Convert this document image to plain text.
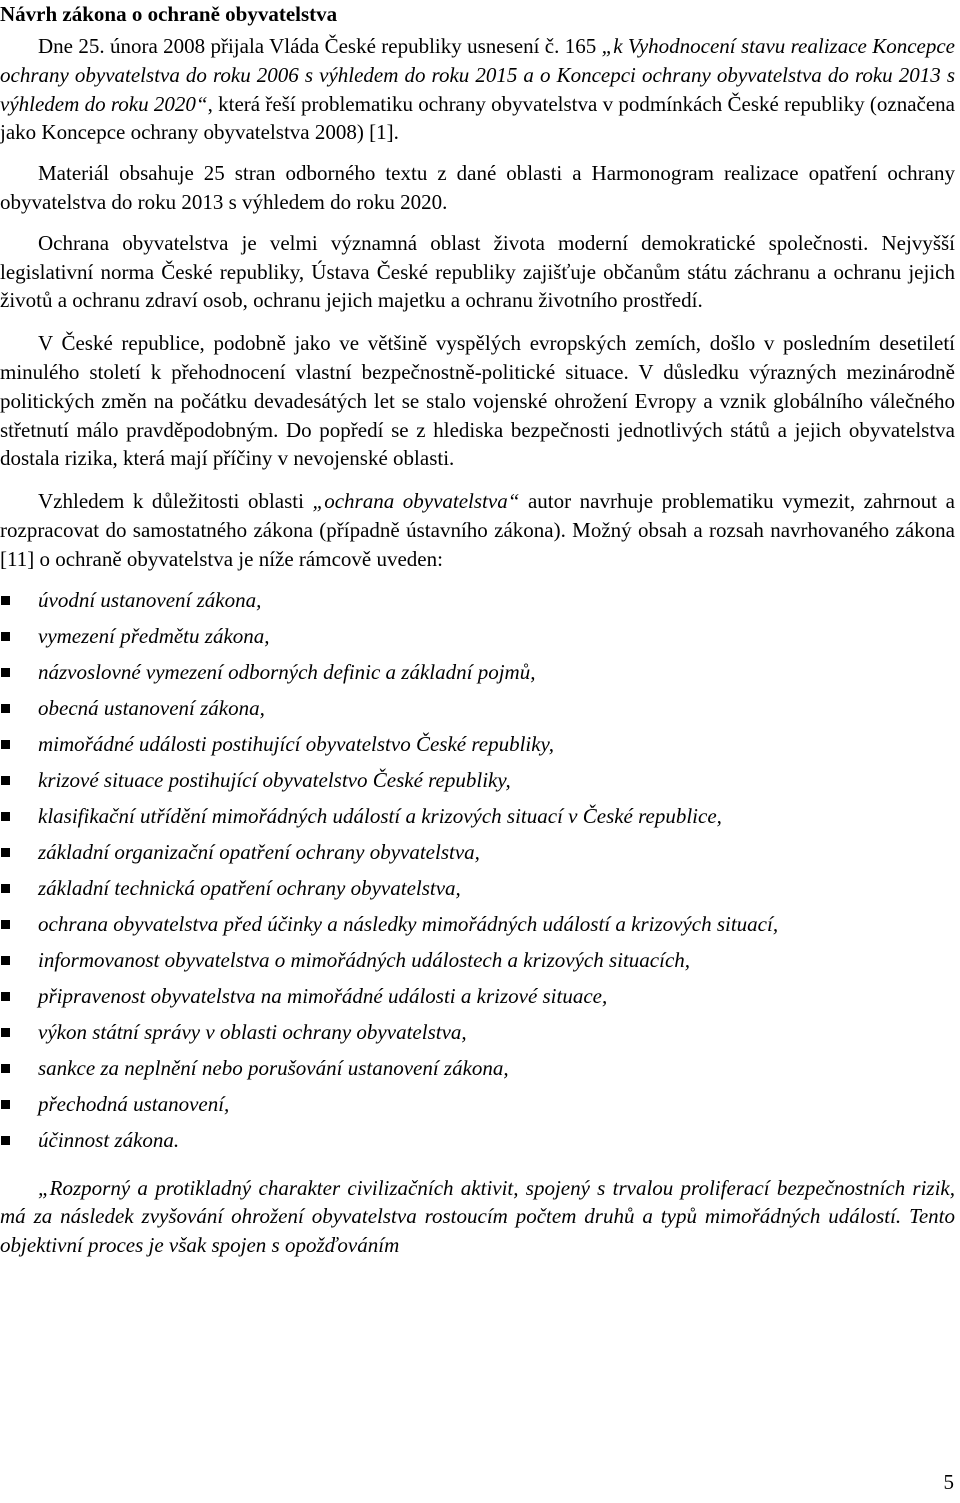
Návrh zákona o ochraně obyvatelstva

Dne 25. února 2008 přijala Vláda České republiky usnesení č. 165 „k Vyhodnocení stavu realizace Koncepce ochrany obyvatelstva do roku 2006 s výhledem do roku 2015 a o Koncepci ochrany obyvatelstva do roku 2013 s výhledem do roku 2020“, která řeší problematiku ochrany obyvatelstva v podmínkách České republiky (označena jako Koncepce ochrany obyvatelstva 2008) [1].

Materiál obsahuje 25 stran odborného textu z dané oblasti a Harmonogram realizace opatření ochrany obyvatelstva do roku 2013 s výhledem do roku 2020.

Ochrana obyvatelstva je velmi významná oblast života moderní demokratické společnosti. Nejvyšší legislativní norma České republiky, Ústava České republiky zajišťuje občanům státu záchranu a ochranu jejich životů a ochranu zdraví osob, ochranu jejich majetku a ochranu životního prostředí.

V České republice, podobně jako ve většině vyspělých evropských zemích, došlo v posledním desetiletí minulého století k přehodnocení vlastní bezpečnostně-politické situace. V důsledku výrazných mezinárodně politických změn na počátku devadesátých let se stalo vojenské ohrožení Evropy a vznik globálního válečného střetnutí málo pravděpodobným. Do popředí se z hlediska bezpečnosti jednotlivých států a jejich obyvatelstva dostala rizika, která mají příčiny v nevojenské oblasti.

Vzhledem k důležitosti oblasti „ochrana obyvatelstva“ autor navrhuje problematiku vymezit, zahrnout a rozpracovat do samostatného zákona (případně ústavního zákona). Možný obsah a rozsah navrhovaného zákona [11] o ochraně obyvatelstva je níže rámcově uveden:

úvodní ustanovení zákona,
vymezení předmětu zákona,
názvoslovné vymezení odborných definic a základní pojmů,
obecná ustanovení zákona,
mimořádné události postihující obyvatelstvo České republiky,
krizové situace postihující obyvatelstvo České republiky,
klasifikační utřídění mimořádných událostí a krizových situací v České republice,
základní organizační opatření ochrany obyvatelstva,
základní technická opatření ochrany obyvatelstva,
ochrana obyvatelstva před účinky a následky mimořádných událostí a krizových situací,
informovanost obyvatelstva o mimořádných událostech a krizových situacích,
připravenost obyvatelstva na mimořádné události a krizové situace,
výkon státní správy v oblasti ochrany obyvatelstva,
sankce za neplnění nebo porušování ustanovení zákona,
přechodná ustanovení,
účinnost zákona.

„Rozporný a protikladný charakter civilizačních aktivit, spojený s trvalou proliferací bezpečnostních rizik, má za následek zvyšování ohrožení obyvatelstva rostoucím počtem druhů a typů mimořádných událostí. Tento objektivní proces je však spojen s opožďováním

5
